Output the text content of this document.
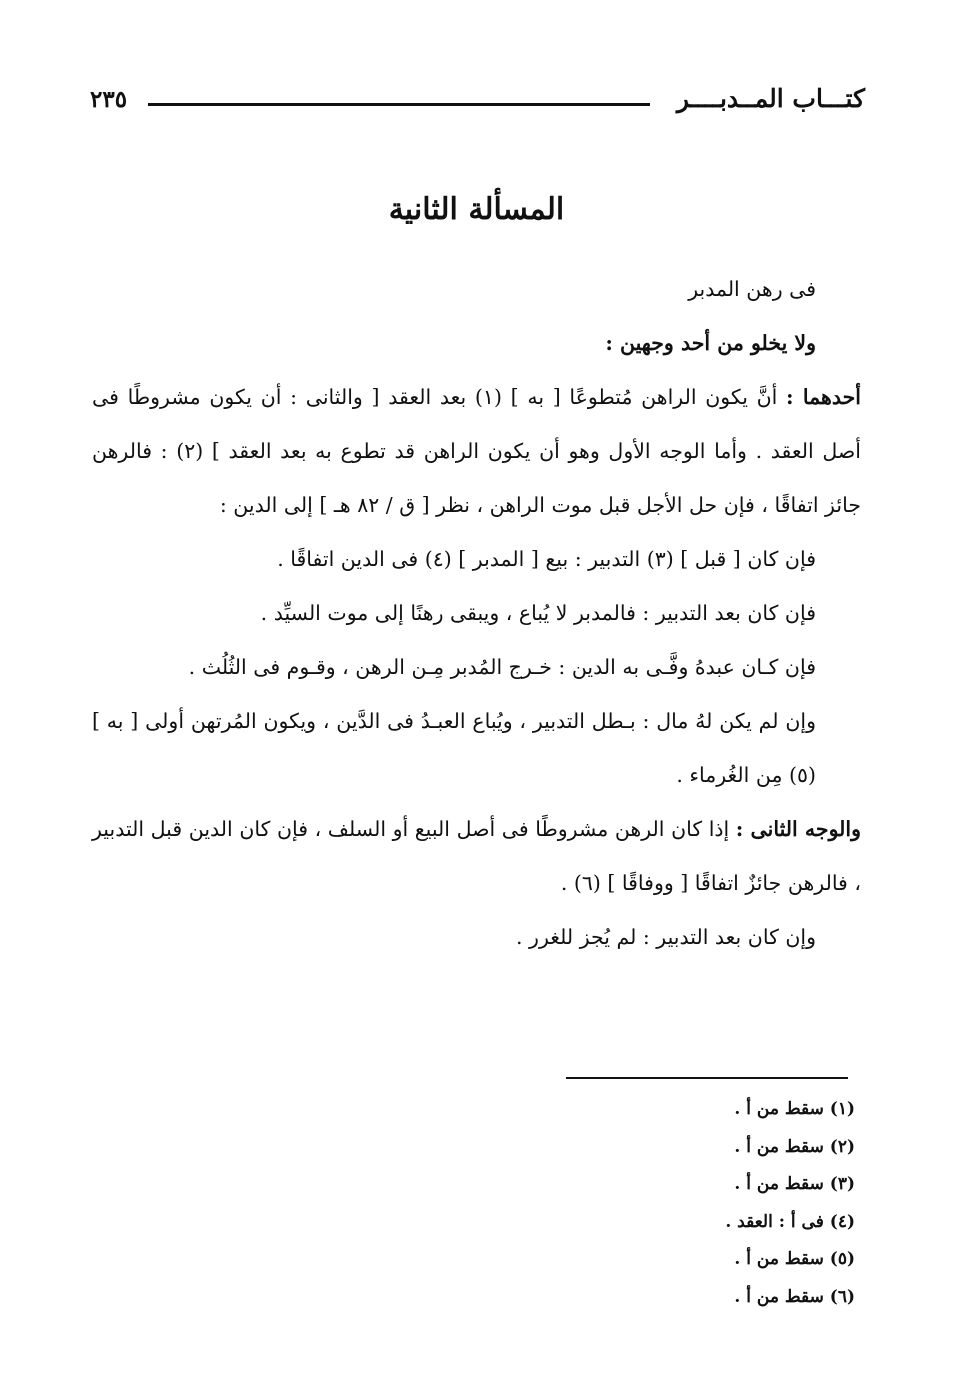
كتـــاب المــدبــــر
٢٣٥
المسألة الثانية

فى رهن المدبر

ولا يخلو من أحد وجهين :

أحدهما : أنَّ يكون الراهن مُتطوعًا [ به ] (١) بعد العقد [ والثانى : أن يكون مشروطًا فى أصل العقد . وأما الوجه الأول وهو أن يكون الراهن قد تطوع به بعد العقد ] (٢) : فالرهن جائز اتفاقًا ، فإن حل الأجل قبل موت الراهن ، نظر [ ق / ٨٢ هـ ] إلى الدين :

فإن كان [ قبل ] (٣) التدبير : بيع [ المدبر ] (٤) فى الدين اتفاقًا .

فإن كان بعد التدبير : فالمدبر لا يُباع ، ويبقى رهنًا إلى موت السيِّد .

فإن كـان عبدهُ وفَّـى به الدين : خـرج المُدبر مِـن الرهن ، وقـوم فى الثُلُث .

وإن لم يكن لهُ مال : بـطل التدبير ، ويُباع العبـدُ فى الدَّين ، ويكون المُرتهن أولى [ به ] (٥) مِن الغُرماء .

والوجه الثانى : إذا كان الرهن مشروطًا فى أصل البيع أو السلف ، فإن كان الدين قبل التدبير ، فالرهن جائزٌ اتفاقًا [ ووفاقًا ] (٦) .

وإن كان بعد التدبير : لم يُجز للغرر .

(١) سقط من أ .
(٢) سقط من أ .
(٣) سقط من أ .
(٤) فى أ : العقد .
(٥) سقط من أ .
(٦) سقط من أ .
